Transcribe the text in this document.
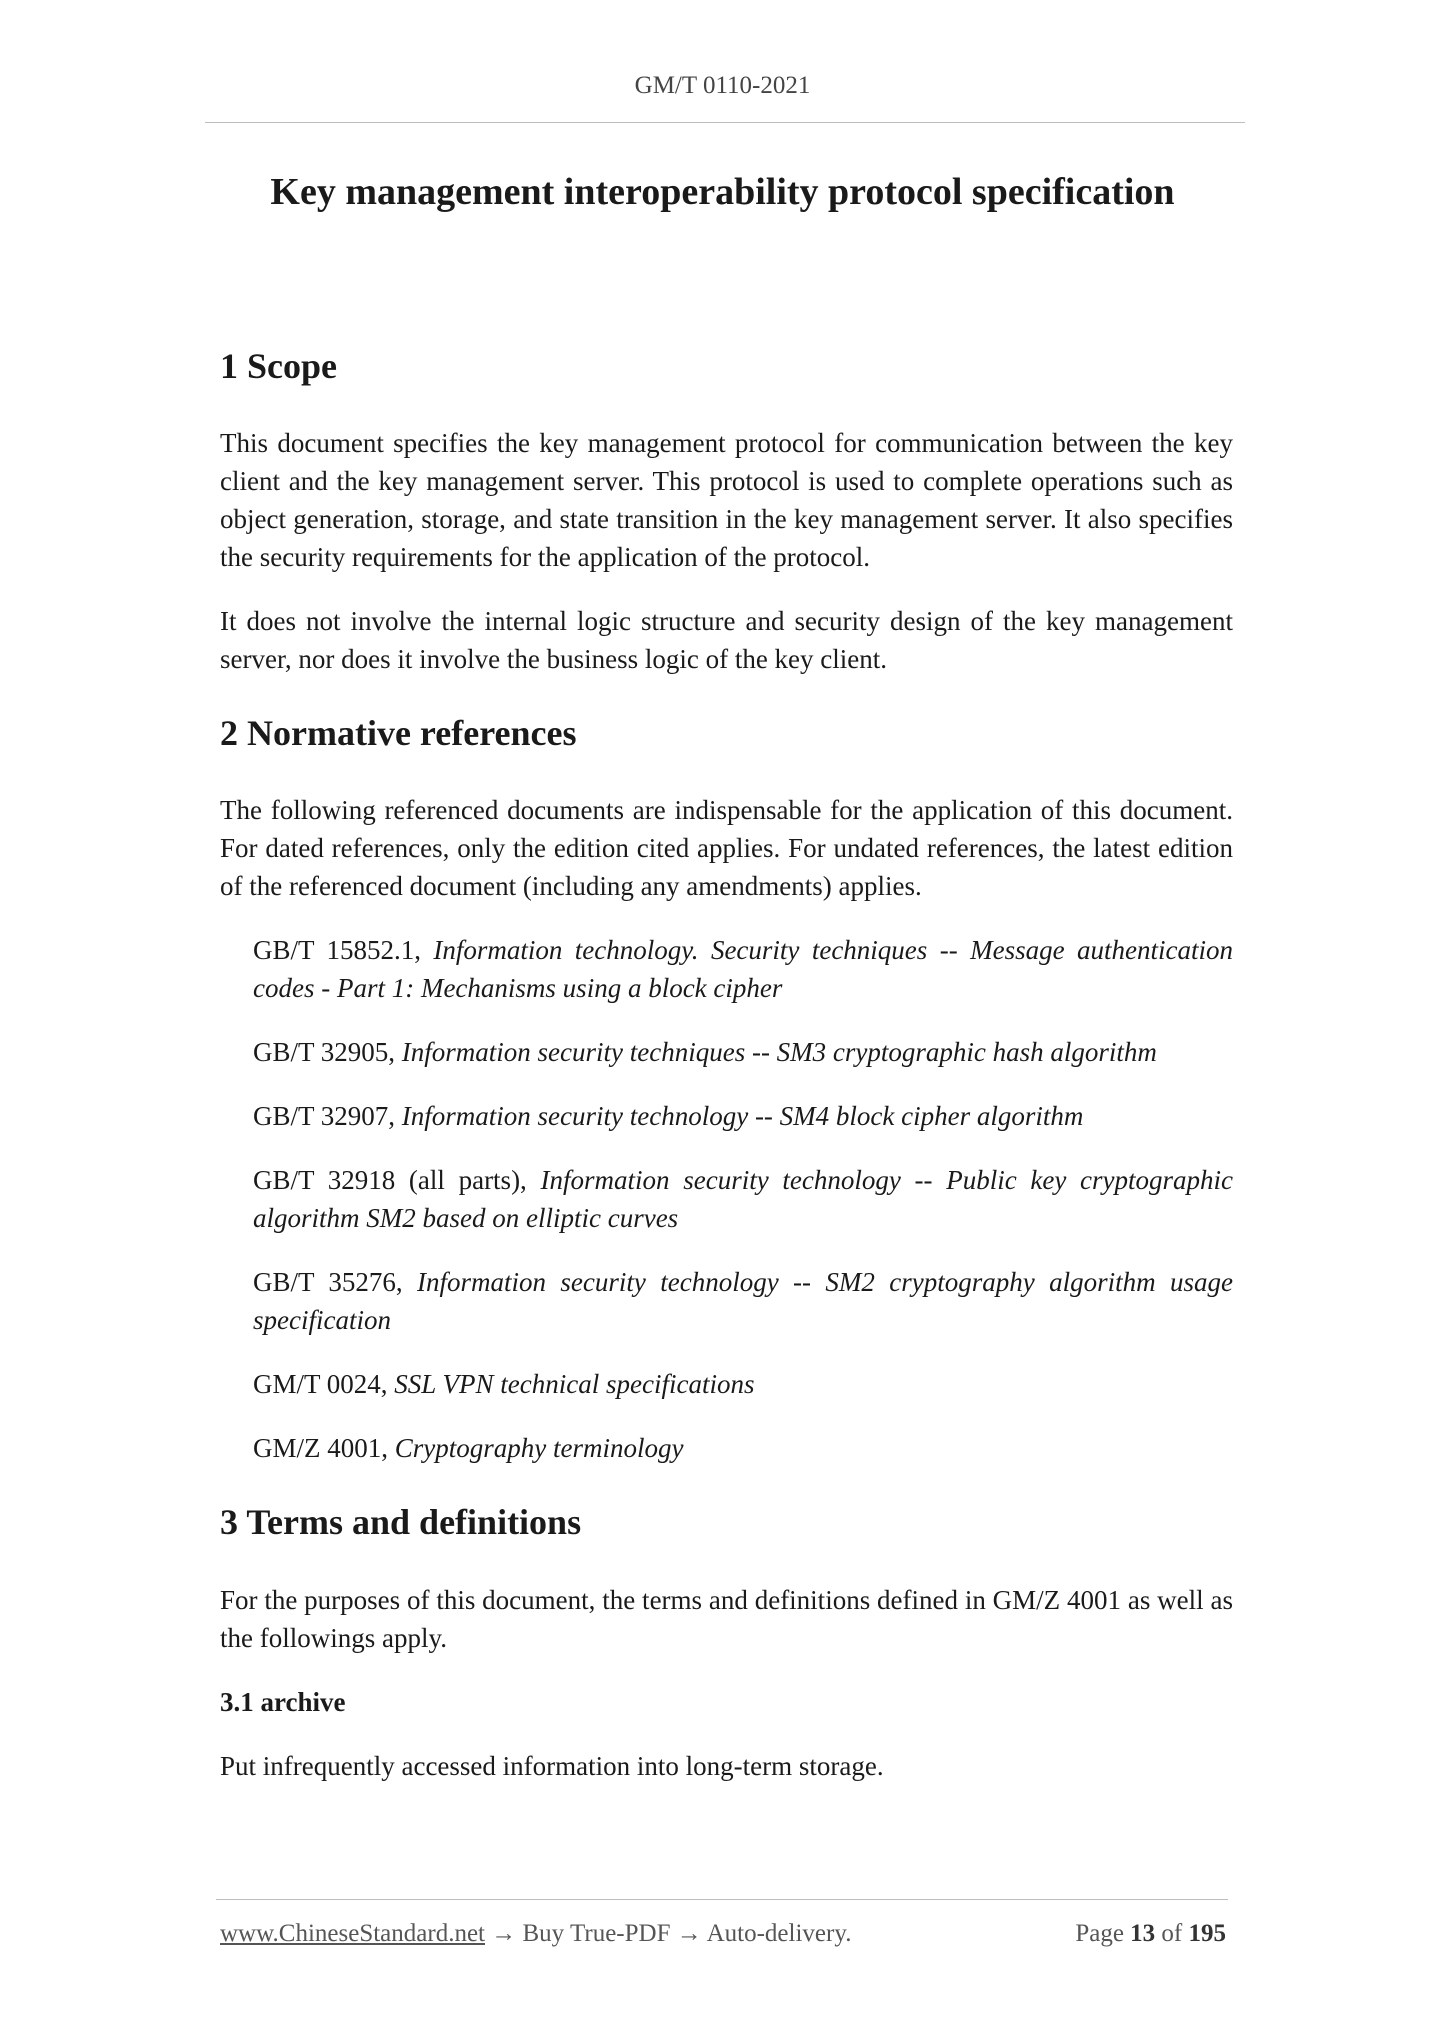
GM/T 0110-2021
Key management interoperability protocol specification
1 Scope

This document specifies the key management protocol for communication between the key client and the key management server. This protocol is used to complete operations such as object generation, storage, and state transition in the key management server. It also specifies the security requirements for the application of the protocol.

It does not involve the internal logic structure and security design of the key management server, nor does it involve the business logic of the key client.

2 Normative references

The following referenced documents are indispensable for the application of this document. For dated references, only the edition cited applies. For undated references, the latest edition of the referenced document (including any amendments) applies.

GB/T 15852.1, Information technology. Security techniques -- Message authentication codes - Part 1: Mechanisms using a block cipher

GB/T 32905, Information security techniques -- SM3 cryptographic hash algorithm

GB/T 32907, Information security technology -- SM4 block cipher algorithm

GB/T 32918 (all parts), Information security technology -- Public key cryptographic algorithm SM2 based on elliptic curves

GB/T 35276, Information security technology -- SM2 cryptography algorithm usage specification

GM/T 0024, SSL VPN technical specifications

GM/Z 4001, Cryptography terminology

3 Terms and definitions

For the purposes of this document, the terms and definitions defined in GM/Z 4001 as well as the followings apply.

3.1 archive

Put infrequently accessed information into long-term storage.

www.ChineseStandard.net → Buy True-PDF → Auto-delivery.	Page 13 of 195
